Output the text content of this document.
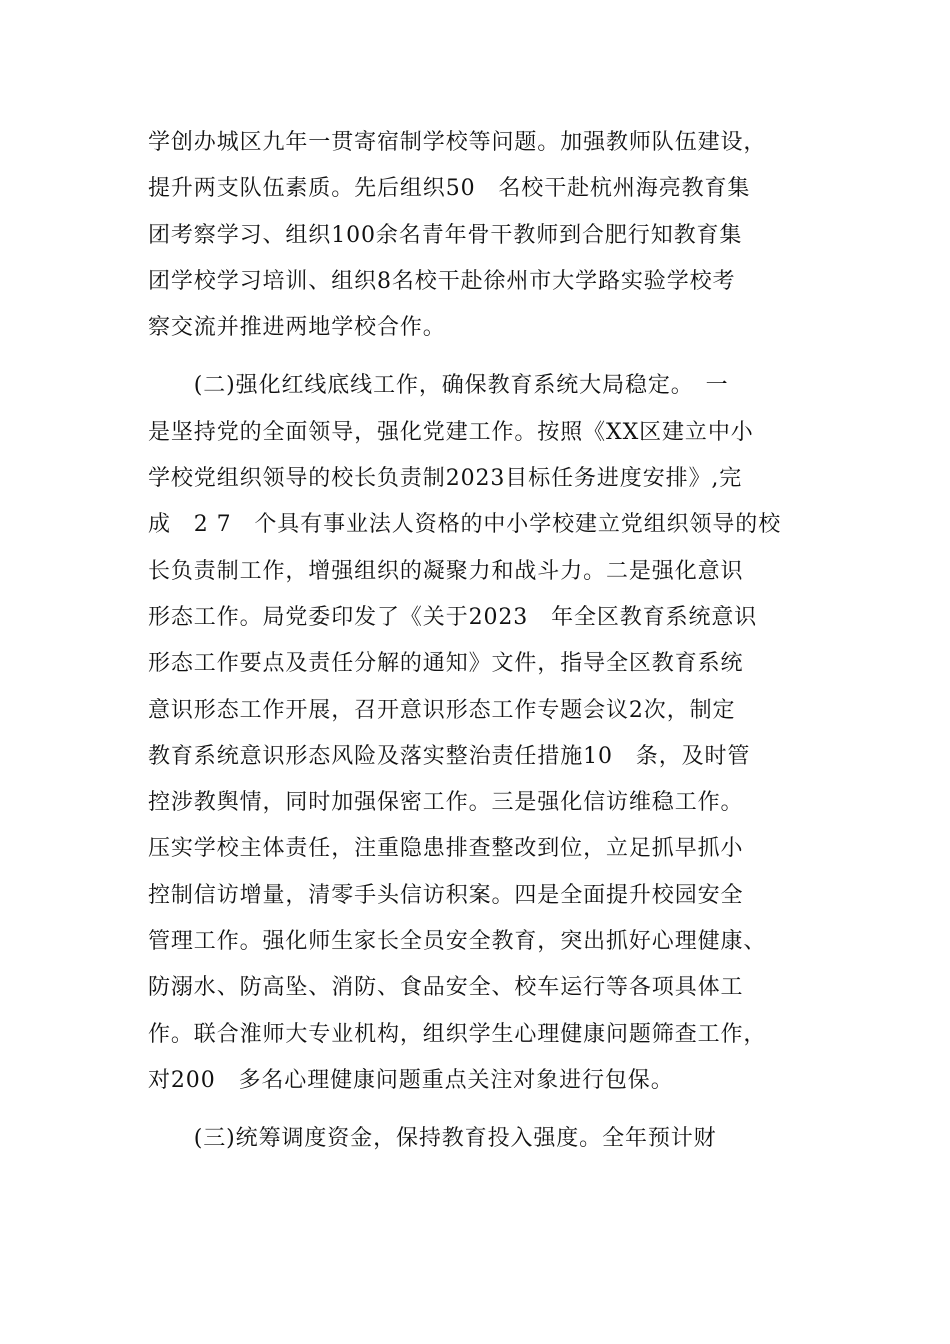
学创办城区九年一贯寄宿制学校等问题。加强教师队伍建设，
提升两支队伍素质。先后组织50　名校干赴杭州海亮教育集
团考察学习、组织100余名青年骨干教师到合肥行知教育集
团学校学习培训、组织8名校干赴徐州市大学路实验学校考
察交流并推进两地学校合作。
　　(二)强化红线底线工作，确保教育系统大局稳定。　一
是坚持党的全面领导，强化党建工作。按照《XX区建立中小
学校党组织领导的校长负责制2023目标任务进度安排》,完
成　2 7　个具有事业法人资格的中小学校建立党组织领导的校
长负责制工作，增强组织的凝聚力和战斗力。二是强化意识
形态工作。局党委印发了《关于2023　年全区教育系统意识
形态工作要点及责任分解的通知》文件，指导全区教育系统
意识形态工作开展，召开意识形态工作专题会议2次，制定
教育系统意识形态风险及落实整治责任措施10　条，及时管
控涉教舆情，同时加强保密工作。三是强化信访维稳工作。
压实学校主体责任，注重隐患排查整改到位，立足抓早抓小
控制信访增量，清零手头信访积案。四是全面提升校园安全
管理工作。强化师生家长全员安全教育，突出抓好心理健康、
防溺水、防高坠、消防、食品安全、校车运行等各项具体工
作。联合淮师大专业机构，组织学生心理健康问题筛查工作，
对200　多名心理健康问题重点关注对象进行包保。
　　(三)统筹调度资金，保持教育投入强度。全年预计财
